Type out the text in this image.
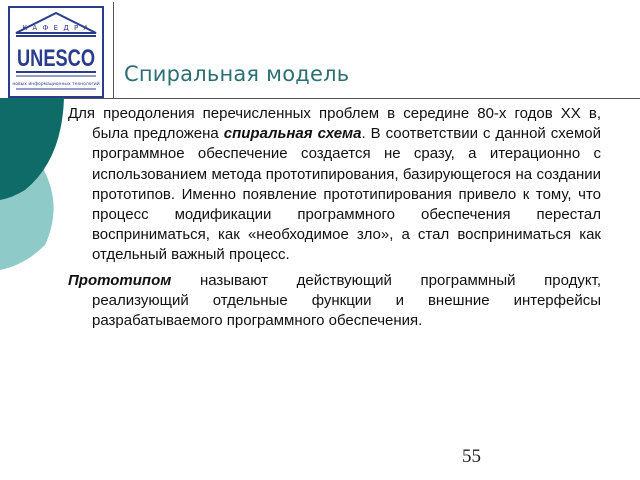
К А Ф Е Д Р А
UNESCO
новых информационных технологий Спиральная модель

Для преодоления перечисленных проблем в середине 80-х годов XX в, была предложена спиральная схема. В соответствии с данной схемой программное обеспечение создается не сразу, а итерационно с использованием метода прототипирования, базирующегося на создании прототипов. Именно появление прототипирования привело к тому, что процесс модификации программного обеспечения перестал восприниматься, как «необходимое зло», а стал восприниматься как отдельный важный процесс.

Прототипом называют действующий программный продукт, реализующий отдельные функции и внешние интерфейсы разрабатываемого программного обеспечения.

55
